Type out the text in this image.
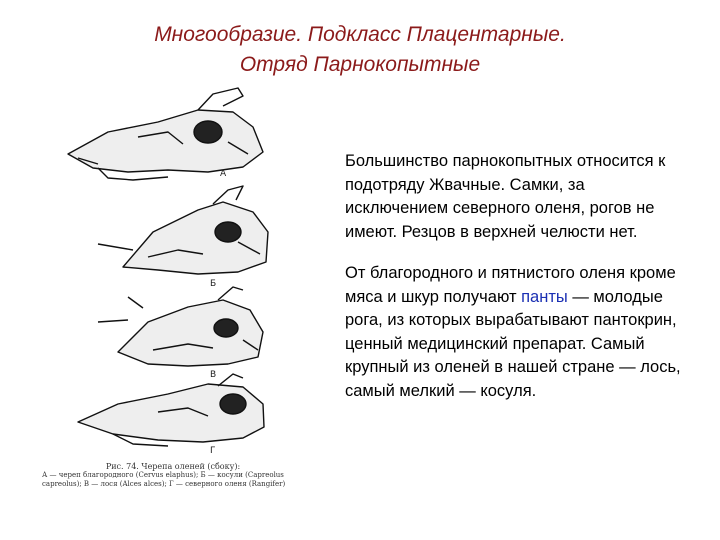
Многообразие. Подкласс Плацентарные.
Отряд Парнокопытные
А
Б
В
Г
Рис. 74. Черепа оленей (сбоку):
А — череп благородного (Cervus elaphus); Б — косули (Capreolus capreolus); В — лося (Alces alces); Г — северного оленя (Rangifer)

Большинство парнокопытных относится к подотряду Жвачные. Самки, за исключением северного оленя, рогов не имеют. Резцов в верхней челюсти нет.

От благородного и пятнистого оленя кроме мяса и шкур получают панты — молодые рога, из которых вырабатывают пантокрин, ценный медицинский препарат. Самый крупный из оленей в нашей стране — лось, самый мелкий — косуля.
